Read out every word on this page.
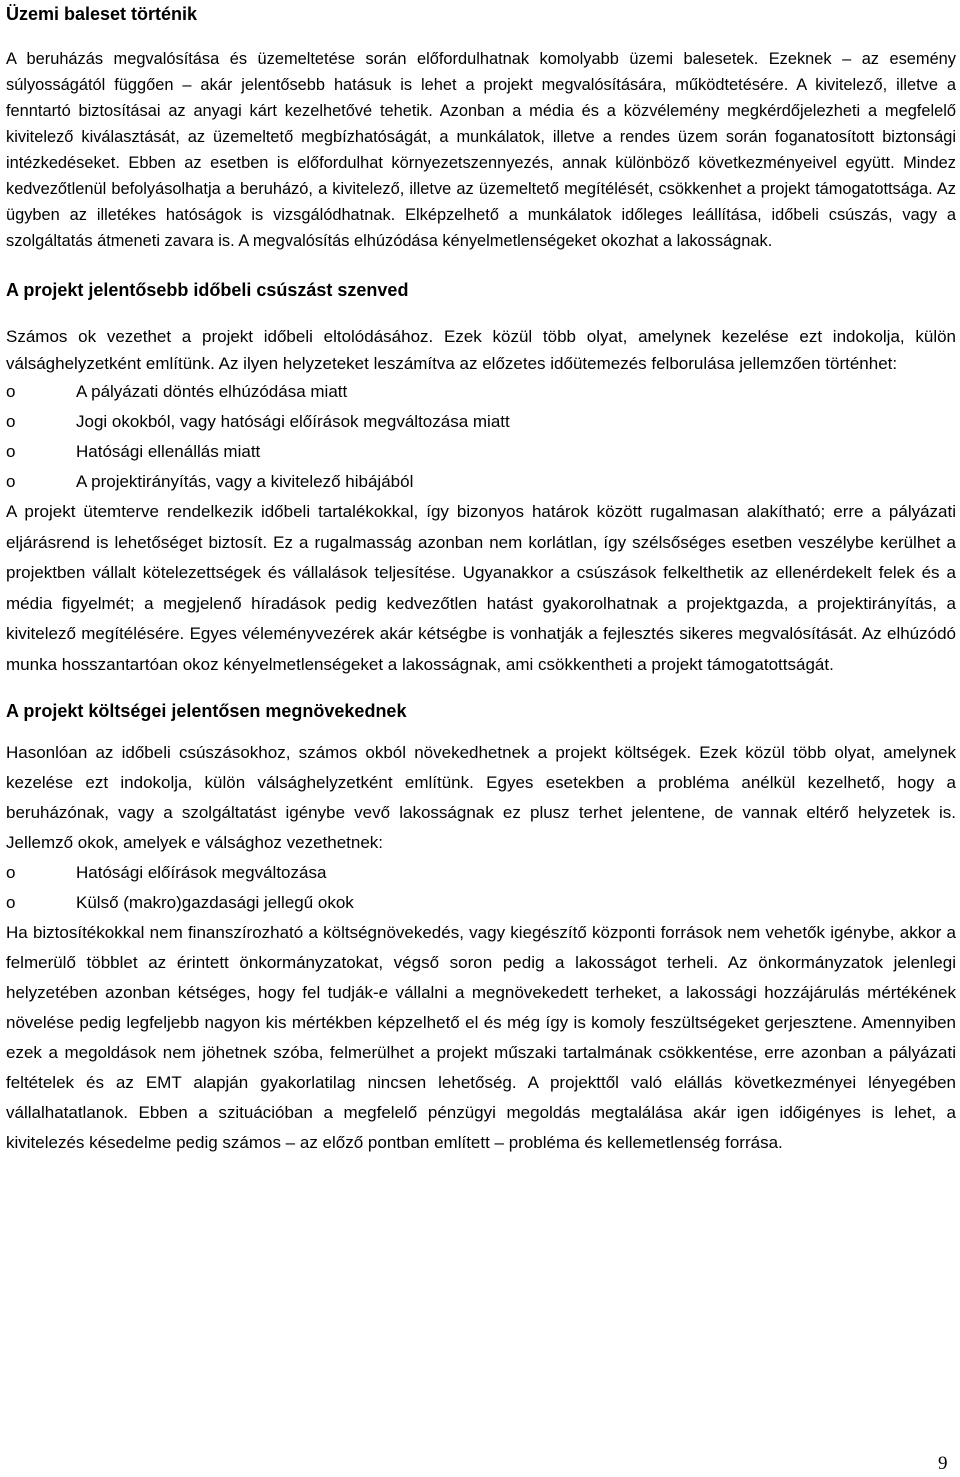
Üzemi baleset történik

A beruházás megvalósítása és üzemeltetése során előfordulhatnak komolyabb üzemi balesetek. Ezeknek – az esemény súlyosságától függően – akár jelentősebb hatásuk is lehet a projekt megvalósítására, működtetésére. A kivitelező, illetve a fenntartó biztosításai az anyagi kárt kezelhetővé tehetik. Azonban a média és a közvélemény megkérdőjelezheti a megfelelő kivitelező kiválasztását, az üzemeltető megbízhatóságát, a munkálatok, illetve a rendes üzem során foganatosított biztonsági intézkedéseket. Ebben az esetben is előfordulhat környezetszennyezés, annak különböző következményeivel együtt. Mindez kedvezőtlenül befolyásolhatja a beruházó, a kivitelező, illetve az üzemeltető megítélését, csökkenhet a projekt támogatottsága. Az ügyben az illetékes hatóságok is vizsgálódhatnak. Elképzelhető a munkálatok időleges leállítása, időbeli csúszás, vagy a szolgáltatás átmeneti zavara is. A megvalósítás elhúzódása kényelmetlenségeket okozhat a lakosságnak.

A projekt jelentősebb időbeli csúszást szenved

Számos ok vezethet a projekt időbeli eltolódásához. Ezek közül több olyat, amelynek kezelése ezt indokolja, külön válsághelyzetként említünk. Az ilyen helyzeteket leszámítva az előzetes időütemezés felborulása jellemzően történhet:

o	A pályázati döntés elhúzódása miatt
o	Jogi okokból, vagy hatósági előírások megváltozása miatt
o	Hatósági ellenállás miatt
o	A projektirányítás, vagy a kivitelező hibájából

A projekt ütemterve rendelkezik időbeli tartalékokkal, így bizonyos határok között rugalmasan alakítható; erre a pályázati eljárásrend is lehetőséget biztosít. Ez a rugalmasság azonban nem korlátlan, így szélsőséges esetben veszélybe kerülhet a projektben vállalt kötelezettségek és vállalások teljesítése. Ugyanakkor a csúszások felkelthetik az ellenérdekelt felek és a média figyelmét; a megjelenő híradások pedig kedvezőtlen hatást gyakorolhatnak a projektgazda, a projektirányítás, a kivitelező megítélésére. Egyes véleményvezérek akár kétségbe is vonhatják a fejlesztés sikeres megvalósítását. Az elhúzódó munka hosszantartóan okoz kényelmetlenségeket a lakosságnak, ami csökkentheti a projekt támogatottságát.

A projekt költségei jelentősen megnövekednek

Hasonlóan az időbeli csúszásokhoz, számos okból növekedhetnek a projekt költségek. Ezek közül több olyat, amelynek kezelése ezt indokolja, külön válsághelyzetként említünk. Egyes esetekben a probléma anélkül kezelhető, hogy a beruházónak, vagy a szolgáltatást igénybe vevő lakosságnak ez plusz terhet jelentene, de vannak eltérő helyzetek is. Jellemző okok, amelyek e válsághoz vezethetnek:

o	Hatósági előírások megváltozása
o	Külső (makro)gazdasági jellegű okok

Ha biztosítékokkal nem finanszírozható a költségnövekedés, vagy kiegészítő központi források nem vehetők igénybe, akkor a felmerülő többlet az érintett önkormányzatokat, végső soron pedig a lakosságot terheli. Az önkormányzatok jelenlegi helyzetében azonban kétséges, hogy fel tudják-e vállalni a megnövekedett terheket, a lakossági hozzájárulás mértékének növelése pedig legfeljebb nagyon kis mértékben képzelhető el és még így is komoly feszültségeket gerjesztene. Amennyiben ezek a megoldások nem jöhetnek szóba, felmerülhet a projekt műszaki tartalmának csökkentése, erre azonban a pályázati feltételek és az EMT alapján gyakorlatilag nincsen lehetőség. A projekttől való elállás következményei lényegében vállalhatatlanok. Ebben a szituációban a megfelelő pénzügyi megoldás megtalálása akár igen időigényes is lehet, a kivitelezés késedelme pedig számos – az előző pontban említett – probléma és kellemetlenség forrása.

9
